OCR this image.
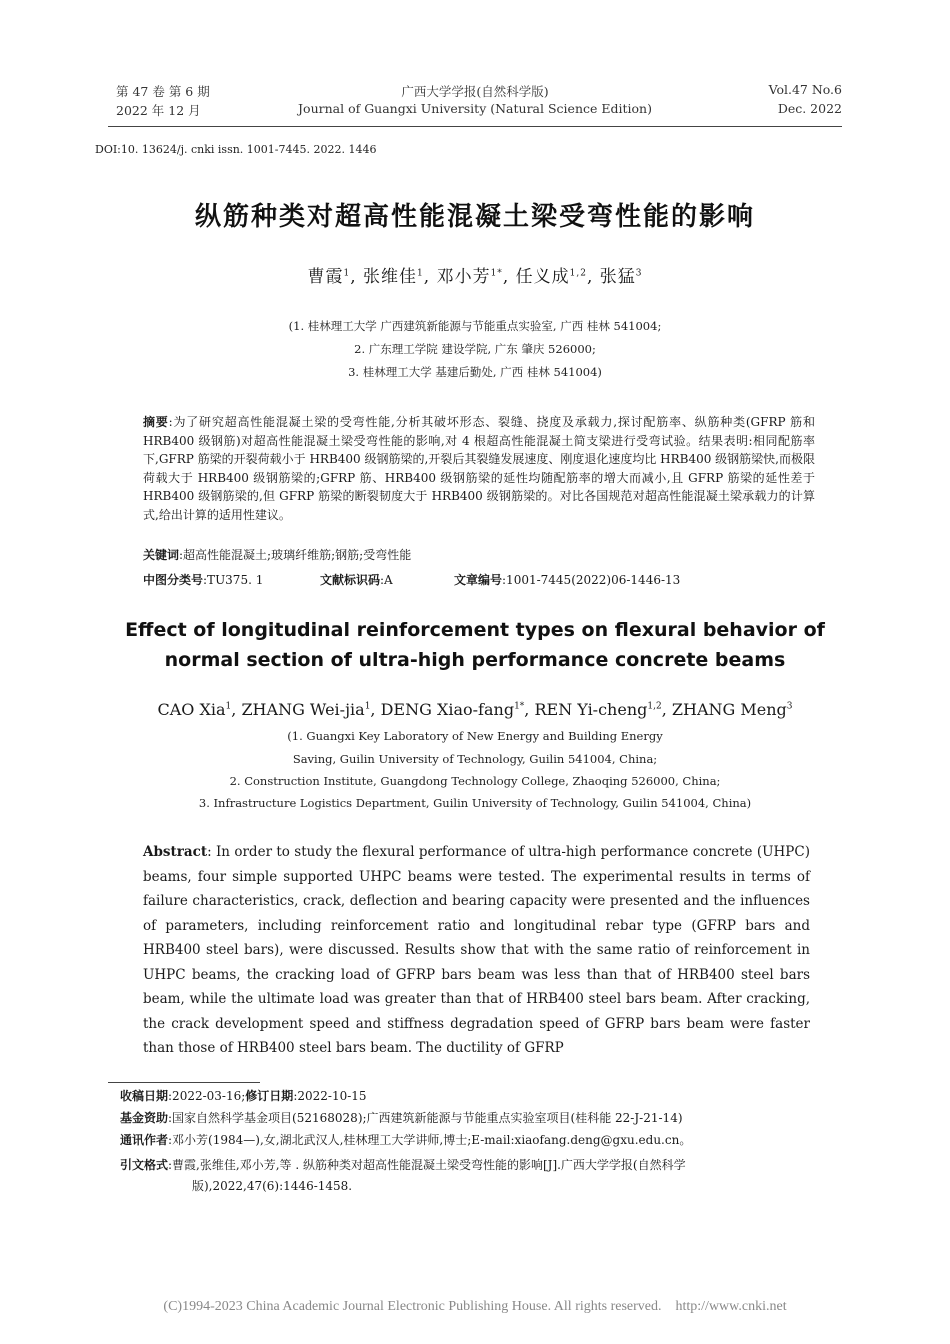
第 47 卷 第 6 期
2022 年 12 月
广西大学学报(自然科学版)
Journal of Guangxi University (Natural Science Edition)
Vol.47 No.6
Dec. 2022
DOI:10. 13624/j. cnki issn. 1001-7445. 2022. 1446
纵筋种类对超高性能混凝土梁受弯性能的影响
曹霞$^1$, 张维佳$^1$, 邓小芳$^{1*}$, 任义成$^{1,2}$, 张猛$^3$
(1. 桂林理工大学 广西建筑新能源与节能重点实验室, 广西 桂林 541004;
2. 广东理工学院 建设学院, 广东 肇庆 526000;
3. 桂林理工大学 基建后勤处, 广西 桂林 541004)
摘要:为了研究超高性能混凝土梁的受弯性能,分析其破坏形态、裂缝、挠度及承载力,探讨配筋率、纵筋种类(GFRP 筋和 HRB400 级钢筋)对超高性能混凝土梁受弯性能的影响,对 4 根超高性能混凝土简支梁进行受弯试验。结果表明:相同配筋率下,GFRP 筋梁的开裂荷载小于 HRB400 级钢筋梁的,开裂后其裂缝发展速度、刚度退化速度均比 HRB400 级钢筋梁快,而极限荷载大于 HRB400 级钢筋梁的;GFRP 筋、HRB400 级钢筋梁的延性均随配筋率的增大而减小,且 GFRP 筋梁的延性差于 HRB400 级钢筋梁的,但 GFRP 筋梁的断裂韧度大于 HRB400 级钢筋梁的。对比各国规范对超高性能混凝土梁承载力的计算式,给出计算的适用性建议。
关键词:超高性能混凝土;玻璃纤维筋;钢筋;受弯性能
中图分类号:TU375. 1	文献标识码:A	文章编号:1001-7445(2022)06-1446-13
Effect of longitudinal reinforcement types on flexural behavior of
normal section of ultra-high performance concrete beams
CAO Xia$^1$, ZHANG Wei-jia$^1$, DENG Xiao-fang$^{1*}$, REN Yi-cheng$^{1,2}$, ZHANG Meng$^3$
(1. Guangxi Key Laboratory of New Energy and Building Energy
Saving, Guilin University of Technology, Guilin 541004, China;
2. Construction Institute, Guangdong Technology College, Zhaoqing 526000, China;
3. Infrastructure Logistics Department, Guilin University of Technology, Guilin 541004, China)
Abstract: In order to study the flexural performance of ultra-high performance concrete (UHPC) beams, four simple supported UHPC beams were tested. The experimental results in terms of failure characteristics, crack, deflection and bearing capacity were presented and the influences of parameters, including reinforcement ratio and longitudinal rebar type (GFRP bars and HRB400 steel bars), were discussed. Results show that with the same ratio of reinforcement in UHPC beams, the cracking load of GFRP bars beam was less than that of HRB400 steel bars beam, while the ultimate load was greater than that of HRB400 steel bars beam. After cracking, the crack development speed and stiffness degradation speed of GFRP bars beam were faster than those of HRB400 steel bars beam. The ductility of GFRP
收稿日期:2022-03-16;修订日期:2022-10-15
基金资助:国家自然科学基金项目(52168028);广西建筑新能源与节能重点实验室项目(桂科能 22-J-21-14)
通讯作者:邓小芳(1984—),女,湖北武汉人,桂林理工大学讲师,博士;E-mail:xiaofang.deng@gxu.edu.cn。
引文格式:曹霞,张维佳,邓小芳,等 . 纵筋种类对超高性能混凝土梁受弯性能的影响[J].广西大学学报(自然科学
版),2022,47(6):1446-1458.
(C)1994-2023 China Academic Journal Electronic Publishing House. All rights reserved. http://www.cnki.net
